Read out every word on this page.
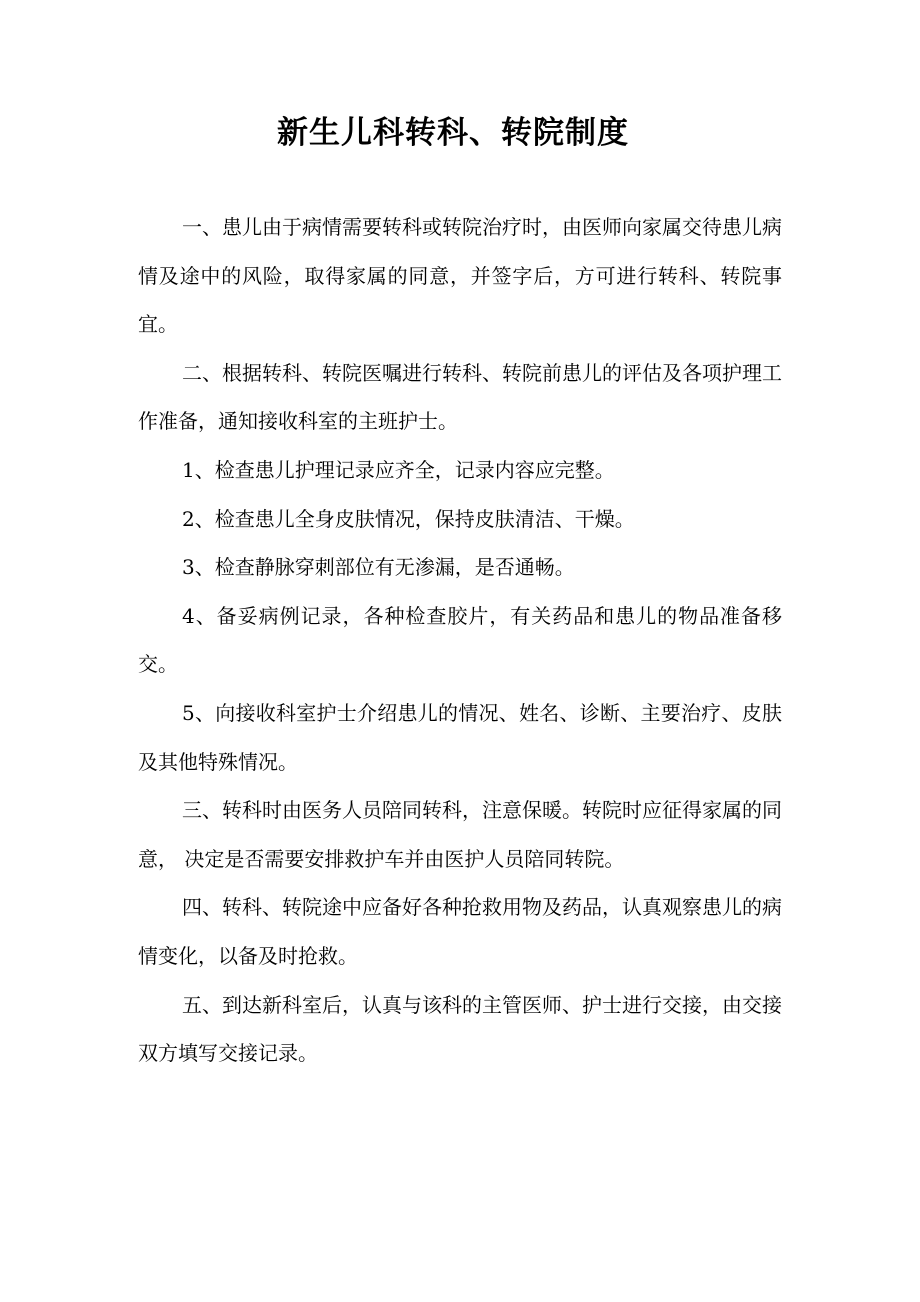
新生儿科转科、转院制度

一、患儿由于病情需要转科或转院治疗时，由医师向家属交待患儿病情及途中的风险，取得家属的同意，并签字后，方可进行转科、转院事宜。

二、根据转科、转院医嘱进行转科、转院前患儿的评估及各项护理工作准备，通知接收科室的主班护士。

1、检查患儿护理记录应齐全，记录内容应完整。

2、检查患儿全身皮肤情况，保持皮肤清洁、干燥。

3、检查静脉穿刺部位有无渗漏，是否通畅。

4、备妥病例记录，各种检查胶片，有关药品和患儿的物品准备移交。

5、向接收科室护士介绍患儿的情况、姓名、诊断、主要治疗、皮肤及其他特殊情况。

三、转科时由医务人员陪同转科，注意保暖。转院时应征得家属的同意， 决定是否需要安排救护车并由医护人员陪同转院。

四、转科、转院途中应备好各种抢救用物及药品，认真观察患儿的病情变化，以备及时抢救。

五、到达新科室后，认真与该科的主管医师、护士进行交接，由交接双方填写交接记录。
